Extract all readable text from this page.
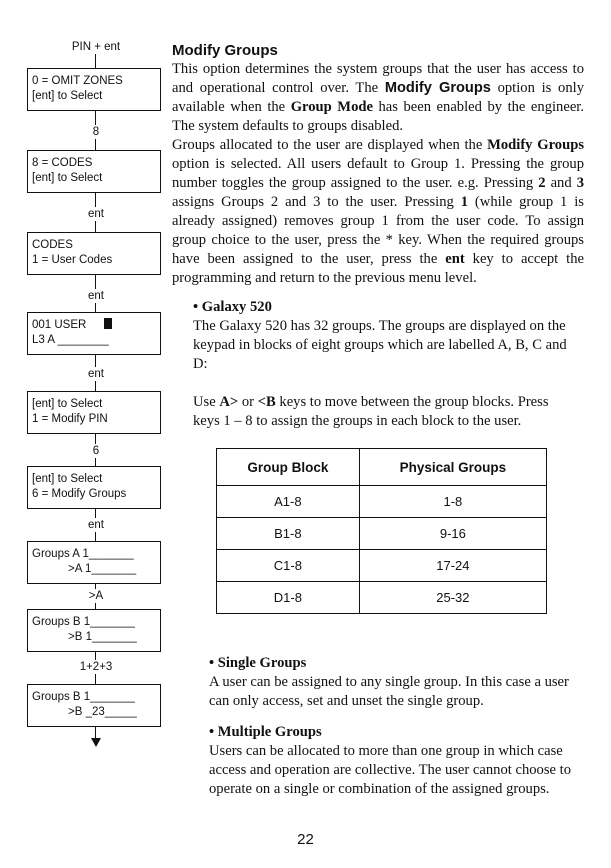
PIN + ent
0 = OMIT ZONES
[ent] to Select
8
8 = CODES
[ent] to Select
ent
CODES
1 = User Codes
ent
001 USER
L3 A ________
ent
[ent] to Select
1 = Modify PIN
6
[ent] to Select
6 = Modify Groups
ent
Groups A 1_______
>A 1_______
>A
Groups B 1_______
>B 1_______
1+2+3
Groups B 1_______
>B _23_____
Modify Groups

This option determines the system groups that the user has access to and operational control over. The Modify Groups option is only available when the Group Mode has been enabled by the engineer. The system defaults to groups disabled.

Groups allocated to the user are displayed when the Modify Groups option is selected. All users default to Group 1. Pressing the group number toggles the group assigned to the user. e.g. Pressing 2 and 3 assigns Groups 2 and 3 to the user. Pressing 1 (while group 1 is already assigned) removes group 1 from the user code. To assign group choice to the user, press the * key. When the required groups have been assigned to the user, press the ent key to accept the programming and return to the previous menu level.

• Galaxy 520

The Galaxy 520 has 32 groups. The groups are displayed on the keypad in blocks of eight groups which are labelled A, B, C and D:

Use A> or <B keys to move between the group blocks. Press keys 1 – 8 to assign the groups in each block to the user.

Group Block	Physical Groups
A1-8	1-8
B1-8	9-16
C1-8	17-24
D1-8	25-32

• Single Groups

A user can be assigned to any single group. In this case a user can only access, set and unset the single group.

• Multiple Groups

Users can be allocated to more than one group in which case access and operation are collective. The user cannot choose to operate on a single or combination of the assigned groups.

22
